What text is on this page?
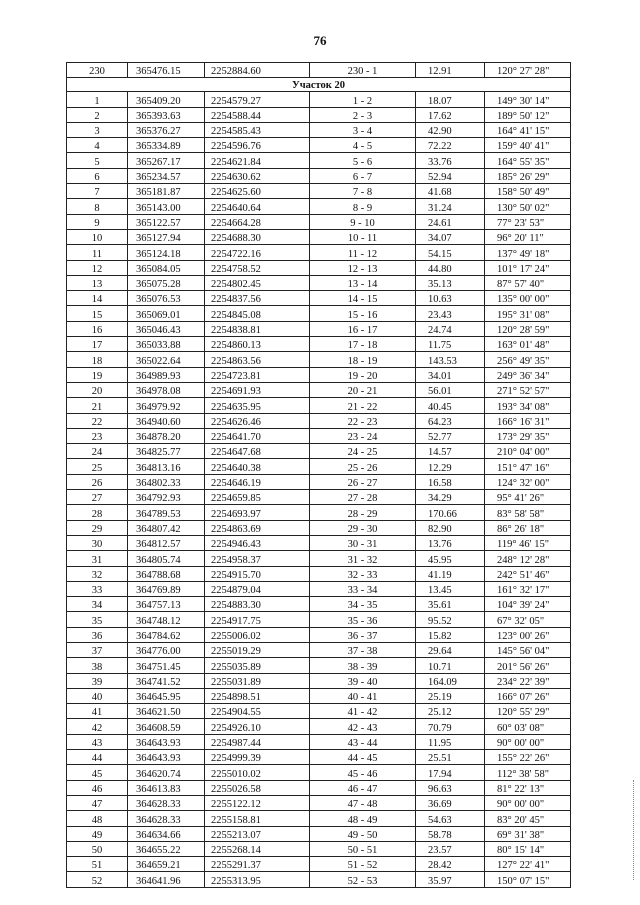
76
230	365476.15	2252884.60	230 - 1	12.91	120° 27' 28"
Участок 20					
1	365409.20	2254579.27	1 - 2	18.07	149° 30' 14"
2	365393.63	2254588.44	2 - 3	17.62	189° 50' 12"
3	365376.27	2254585.43	3 - 4	42.90	164° 41' 15"
4	365334.89	2254596.76	4 - 5	72.22	159° 40' 41"
5	365267.17	2254621.84	5 - 6	33.76	164° 55' 35"
6	365234.57	2254630.62	6 - 7	52.94	185° 26' 29"
7	365181.87	2254625.60	7 - 8	41.68	158° 50' 49"
8	365143.00	2254640.64	8 - 9	31.24	130° 50' 02"
9	365122.57	2254664.28	9 - 10	24.61	77° 23' 53"
10	365127.94	2254688.30	10 - 11	34.07	96° 20' 11"
11	365124.18	2254722.16	11 - 12	54.15	137° 49' 18"
12	365084.05	2254758.52	12 - 13	44.80	101° 17' 24"
13	365075.28	2254802.45	13 - 14	35.13	87° 57' 40"
14	365076.53	2254837.56	14 - 15	10.63	135° 00' 00"
15	365069.01	2254845.08	15 - 16	23.43	195° 31' 08"
16	365046.43	2254838.81	16 - 17	24.74	120° 28' 59"
17	365033.88	2254860.13	17 - 18	11.75	163° 01' 48"
18	365022.64	2254863.56	18 - 19	143.53	256° 49' 35"
19	364989.93	2254723.81	19 - 20	34.01	249° 36' 34"
20	364978.08	2254691.93	20 - 21	56.01	271° 52' 57"
21	364979.92	2254635.95	21 - 22	40.45	193° 34' 08"
22	364940.60	2254626.46	22 - 23	64.23	166° 16' 31"
23	364878.20	2254641.70	23 - 24	52.77	173° 29' 35"
24	364825.77	2254647.68	24 - 25	14.57	210° 04' 00"
25	364813.16	2254640.38	25 - 26	12.29	151° 47' 16"
26	364802.33	2254646.19	26 - 27	16.58	124° 32' 00"
27	364792.93	2254659.85	27 - 28	34.29	95° 41' 26"
28	364789.53	2254693.97	28 - 29	170.66	83° 58' 58"
29	364807.42	2254863.69	29 - 30	82.90	86° 26' 18"
30	364812.57	2254946.43	30 - 31	13.76	119° 46' 15"
31	364805.74	2254958.37	31 - 32	45.95	248° 12' 28"
32	364788.68	2254915.70	32 - 33	41.19	242° 51' 46"
33	364769.89	2254879.04	33 - 34	13.45	161° 32' 17"
34	364757.13	2254883.30	34 - 35	35.61	104° 39' 24"
35	364748.12	2254917.75	35 - 36	95.52	67° 32' 05"
36	364784.62	2255006.02	36 - 37	15.82	123° 00' 26"
37	364776.00	2255019.29	37 - 38	29.64	145° 56' 04"
38	364751.45	2255035.89	38 - 39	10.71	201° 56' 26"
39	364741.52	2255031.89	39 - 40	164.09	234° 22' 39"
40	364645.95	2254898.51	40 - 41	25.19	166° 07' 26"
41	364621.50	2254904.55	41 - 42	25.12	120° 55' 29"
42	364608.59	2254926.10	42 - 43	70.79	60° 03' 08"
43	364643.93	2254987.44	43 - 44	11.95	90° 00' 00"
44	364643.93	2254999.39	44 - 45	25.51	155° 22' 26"
45	364620.74	2255010.02	45 - 46	17.94	112° 38' 58"
46	364613.83	2255026.58	46 - 47	96.63	81° 22' 13"
47	364628.33	2255122.12	47 - 48	36.69	90° 00' 00"
48	364628.33	2255158.81	48 - 49	54.63	83° 20' 45"
49	364634.66	2255213.07	49 - 50	58.78	69° 31' 38"
50	364655.22	2255268.14	50 - 51	23.57	80° 15' 14"
51	364659.21	2255291.37	51 - 52	28.42	127° 22' 41"
52	364641.96	2255313.95	52 - 53	35.97	150° 07' 15"
